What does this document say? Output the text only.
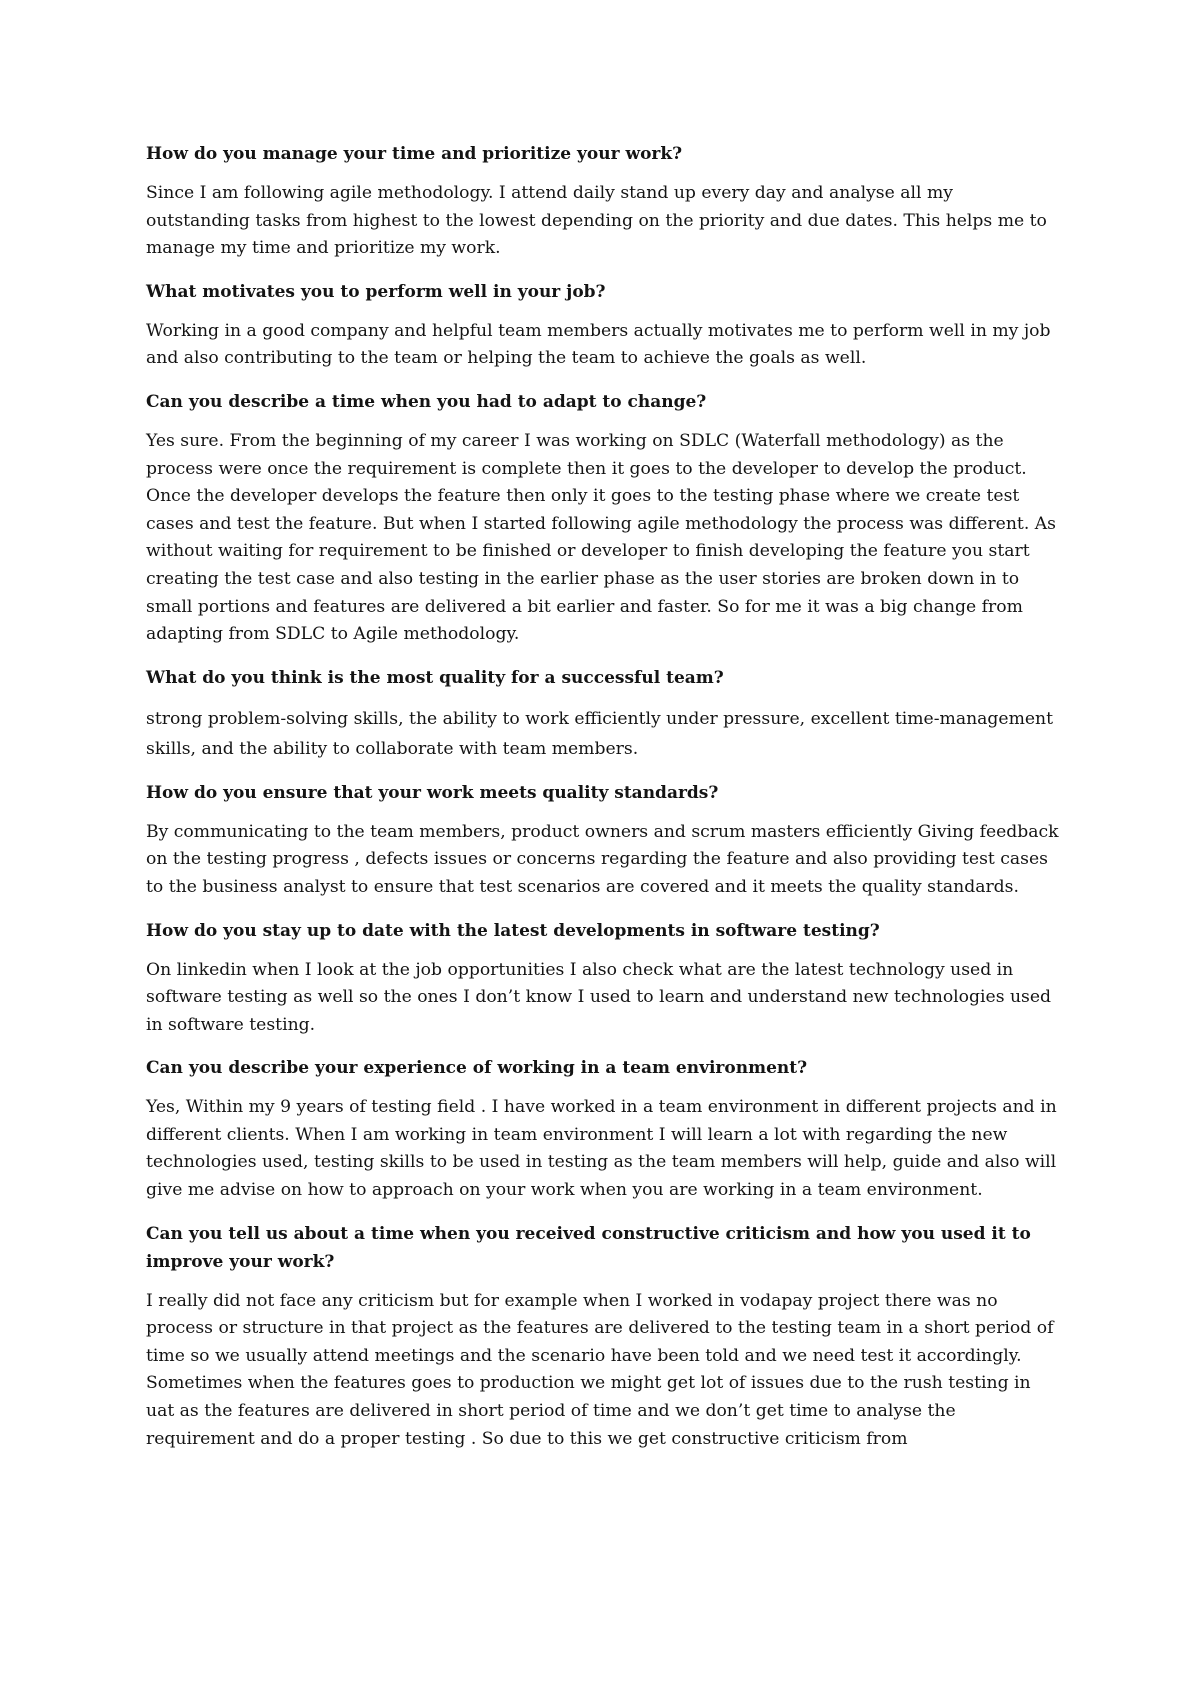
How do you manage your time and prioritize your work?

Since I am following agile methodology. I attend daily stand up every day and analyse all my outstanding tasks from highest to the lowest depending on the priority and due dates. This helps me to manage my time and prioritize my work.

What motivates you to perform well in your job?

Working in a good company and helpful team members actually motivates me to perform well in my job and also contributing to the team or helping the team to achieve the goals as well.

Can you describe a time when you had to adapt to change?

Yes sure. From the beginning of my career I was working on SDLC (Waterfall methodology) as the process were once the requirement is complete then it goes to the developer to develop the product. Once the developer develops the feature then only it goes to the testing phase where we create test cases and test the feature. But when I started following agile methodology the process was different. As without waiting for requirement to be finished or developer to finish developing the feature you start creating the test case and also testing in the earlier phase as the user stories are broken down in to small portions and features are delivered a bit earlier and faster. So for me it was a big change from adapting from SDLC to Agile methodology.

What do you think is the most quality for a successful team?

strong problem-solving skills, the ability to work efficiently under pressure, excellent time-management skills, and the ability to collaborate with team members.

How do you ensure that your work meets quality standards?

By communicating to the team members, product owners and scrum masters efficiently Giving feedback on the testing progress , defects issues or concerns regarding the feature and also providing test cases to the business analyst to ensure that test scenarios are covered and it meets the quality standards.

How do you stay up to date with the latest developments in software testing?

On linkedin when I look at the job opportunities I also check what are the latest technology used in software testing as well so the ones I don’t know I used to learn and understand new technologies used in software testing.

Can you describe your experience of working in a team environment?

Yes, Within my 9 years of testing field . I have worked in a team environment in different projects and in different clients. When I am working in team environment I will learn a lot with regarding the new technologies used, testing skills to be used in testing as the team members will help, guide and also will give me advise on how to approach on your work when you are working in a team environment.

Can you tell us about a time when you received constructive criticism and how you used it to improve your work?

I really did not face any criticism but for example when I worked in vodapay project there was no process or structure in that project as the features are delivered to the testing team in a short period of time so we usually attend meetings and the scenario have been told and we need test it accordingly. Sometimes when the features goes to production we might get lot of issues due to the rush testing in uat as the features are delivered in short period of time and we don’t get time to analyse the requirement and do a proper testing . So due to this we get constructive criticism from
